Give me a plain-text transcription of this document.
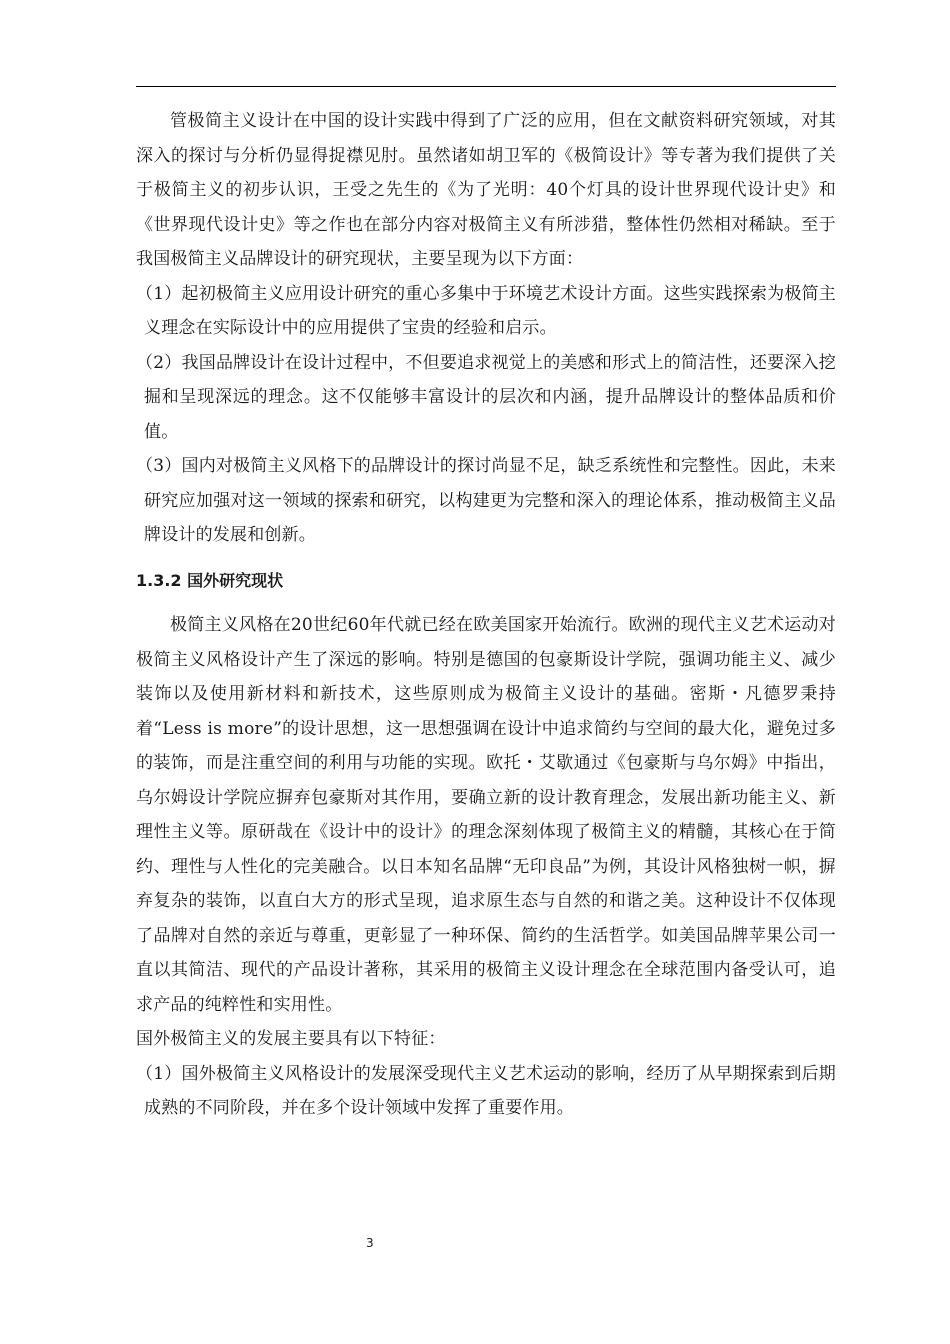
管极简主义设计在中国的设计实践中得到了广泛的应用，但在文献资料研究领域，对其深入的探讨与分析仍显得捉襟见肘。虽然诸如胡卫军的《极简设计》等专著为我们提供了关于极简主义的初步认识，王受之先生的《为了光明：40个灯具的设计世界现代设计史》和《世界现代设计史》等之作也在部分内容对极简主义有所涉猎，整体性仍然相对稀缺。至于我国极简主义品牌设计的研究现状，主要呈现为以下方面：

（1）起初极简主义应用设计研究的重心多集中于环境艺术设计方面。这些实践探索为极简主义理念在实际设计中的应用提供了宝贵的经验和启示。

（2）我国品牌设计在设计过程中，不但要追求视觉上的美感和形式上的简洁性，还要深入挖掘和呈现深远的理念。这不仅能够丰富设计的层次和内涵，提升品牌设计的整体品质和价值。

（3）国内对极简主义风格下的品牌设计的探讨尚显不足，缺乏系统性和完整性。因此，未来研究应加强对这一领域的探索和研究，以构建更为完整和深入的理论体系，推动极简主义品牌设计的发展和创新。

1.3.2 国外研究现状

极简主义风格在20世纪60年代就已经在欧美国家开始流行。欧洲的现代主义艺术运动对极简主义风格设计产生了深远的影响。特别是德国的包豪斯设计学院，强调功能主义、减少装饰以及使用新材料和新技术，这些原则成为极简主义设计的基础。密斯・凡德罗秉持着“Less is more”的设计思想，这一思想强调在设计中追求简约与空间的最大化，避免过多的装饰，而是注重空间的利用与功能的实现。欧托・艾歇通过《包豪斯与乌尔姆》中指出，乌尔姆设计学院应摒弃包豪斯对其作用，要确立新的设计教育理念，发展出新功能主义、新理性主义等。原研哉在《设计中的设计》的理念深刻体现了极简主义的精髓，其核心在于简约、理性与人性化的完美融合。以日本知名品牌“无印良品”为例，其设计风格独树一帜，摒弃复杂的装饰，以直白大方的形式呈现，追求原生态与自然的和谐之美。这种设计不仅体现了品牌对自然的亲近与尊重，更彰显了一种环保、简约的生活哲学。如美国品牌苹果公司一直以其简洁、现代的产品设计著称，其采用的极简主义设计理念在全球范围内备受认可，追求产品的纯粹性和实用性。

国外极简主义的发展主要具有以下特征：

（1）国外极简主义风格设计的发展深受现代主义艺术运动的影响，经历了从早期探索到后期成熟的不同阶段，并在多个设计领域中发挥了重要作用。

3
